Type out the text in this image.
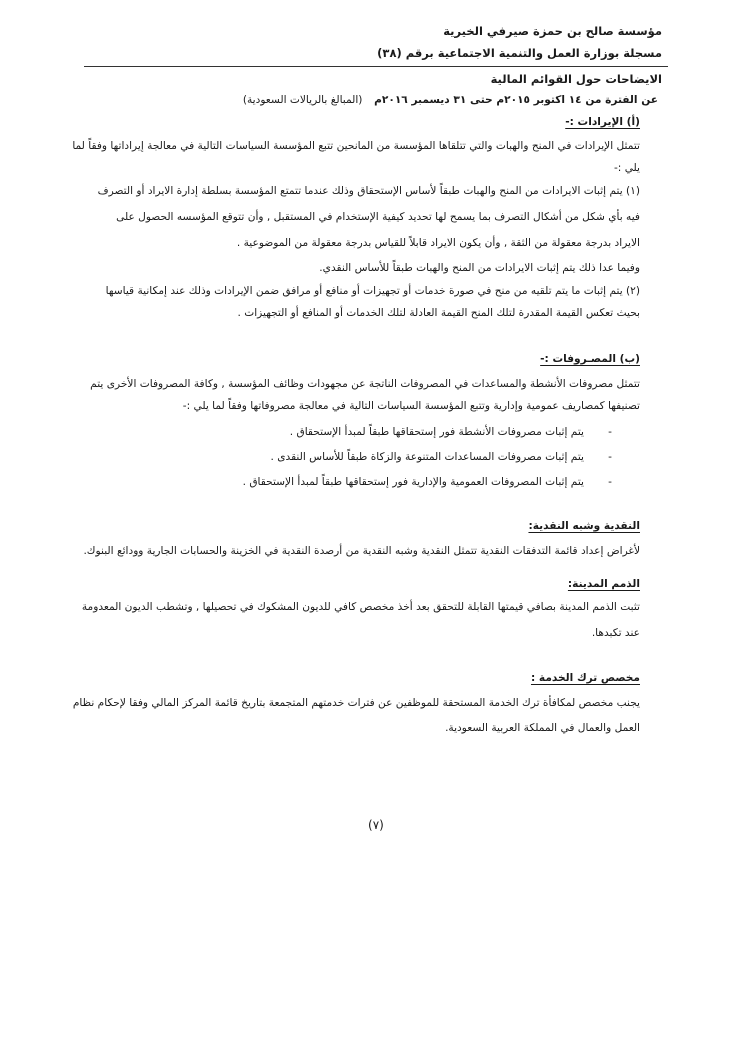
مؤسسة صالح بن حمزة صيرفي الخيرية
مسجلة بوزارة العمل والتنمية الاجتماعية برقم (٣٨)
الايضاحات حول القوائم المالية
عن الفترة من ١٤ اكتوبر ٢٠١٥م حتى ٣١ ديسمبر ٢٠١٦م (المبالغ بالريالات السعودية)
(أ) الإيرادات :-
تتمثل الإيرادات في المنح والهبات والتي تتلقاها المؤسسة من المانحين تتبع المؤسسة السياسات التالية في معالجة إيراداتها وفقاً لما
يلي :-
(١) يتم إثبات الايرادات من المنح والهبات طبقاً لأساس الإستحقاق وذلك عندما تتمتع المؤسسة بسلطة إدارة الايراد أو التصرف
فيه بأي شكل من أشكال التصرف بما يسمح لها تحديد كيفية الإستخدام في المستقبل , وأن تتوقع المؤسسه الحصول على
الايراد بدرجة معقولة من الثقة , وأن يكون الايراد قابلاً للقياس بدرجة معقولة من الموضوعية .
وفيما عدا ذلك يتم إثبات الايرادات من المنح والهبات طبقاً للأساس النقدي.
(٢) يتم إثبات ما يتم تلقيه من منح في صورة خدمات أو تجهيزات أو منافع أو مرافق ضمن الإيرادات وذلك عند إمكانية قياسها
بحيث تعكس القيمة المقدرة لتلك المنح القيمة العادلة لتلك الخدمات أو المنافع أو التجهيزات .
(ب) المصـروفات :-
تتمثل مصروفات الأنشطة والمساعدات في المصروفات الناتجة عن مجهودات وظائف المؤسسة , وكافة المصروفات الأخرى يتم
تصنيفها كمصاريف عمومية وإدارية وتتبع المؤسسة السياسات التالية في معالجة مصروفاتها وفقاً لما يلي :-
-
يتم إثبات مصروفات الأنشطة فور إستحقاقها طبقاً لمبدأ الإستحقاق .
-
يتم إثبات مصروفات المساعدات المتنوعة والزكاة طبقاً للأساس النقدى .
-
يتم إثبات المصروفات العمومية والإدارية فور إستحقاقها طبقاً لمبدأ الإستحقاق .
النقدية وشبه النقدية:
لأغراض إعداد قائمة التدفقات النقدية تتمثل النقدية وشبه النقدية من أرصدة النقدية في الخزينة والحسابات الجارية وودائع البنوك.
الذمم المدينة:
تثبت الذمم المدينة بصافي قيمتها القابلة للتحقق بعد أخذ مخصص كافي للديون المشكوك في تحصيلها , وتشطب الديون المعدومة
عند تكبدها.
مخصص ترك الخدمة :
يجنب مخصص لمكافأة ترك الخدمة المستحقة للموظفين عن فترات خدمتهم المتجمعة بتاريخ قائمة المركز المالي وفقا لإحكام نظام
العمل والعمال في المملكة العربية السعودية.
(٧)
